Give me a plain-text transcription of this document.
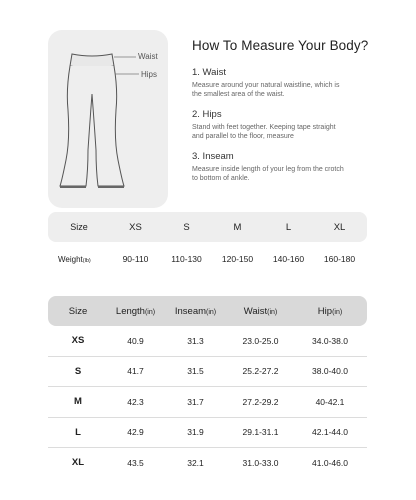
Waist
Hips
How To Measure Your Body?
1. Waist
Measure around your natural waistline, which is
the smallest area of the waist.
2. Hips
Stand with feet together. Keeping tape straight
and parallel to the floor, measure
3. Inseam
Measure inside length of your leg from the crotch
to bottom of ankle.
Size	XS	S	M	L	XL
Weight(lb)	90-110	110-130	120-150	140-160	160-180
Size	Length(in)	Inseam(in)	Waist(in)	Hip(in)
XS	40.9	31.3	23.0-25.0	34.0-38.0
S	41.7	31.5	25.2-27.2	38.0-40.0
M	42.3	31.7	27.2-29.2	40-42.1
L	42.9	31.9	29.1-31.1	42.1-44.0
XL	43.5	32.1	31.0-33.0	41.0-46.0
